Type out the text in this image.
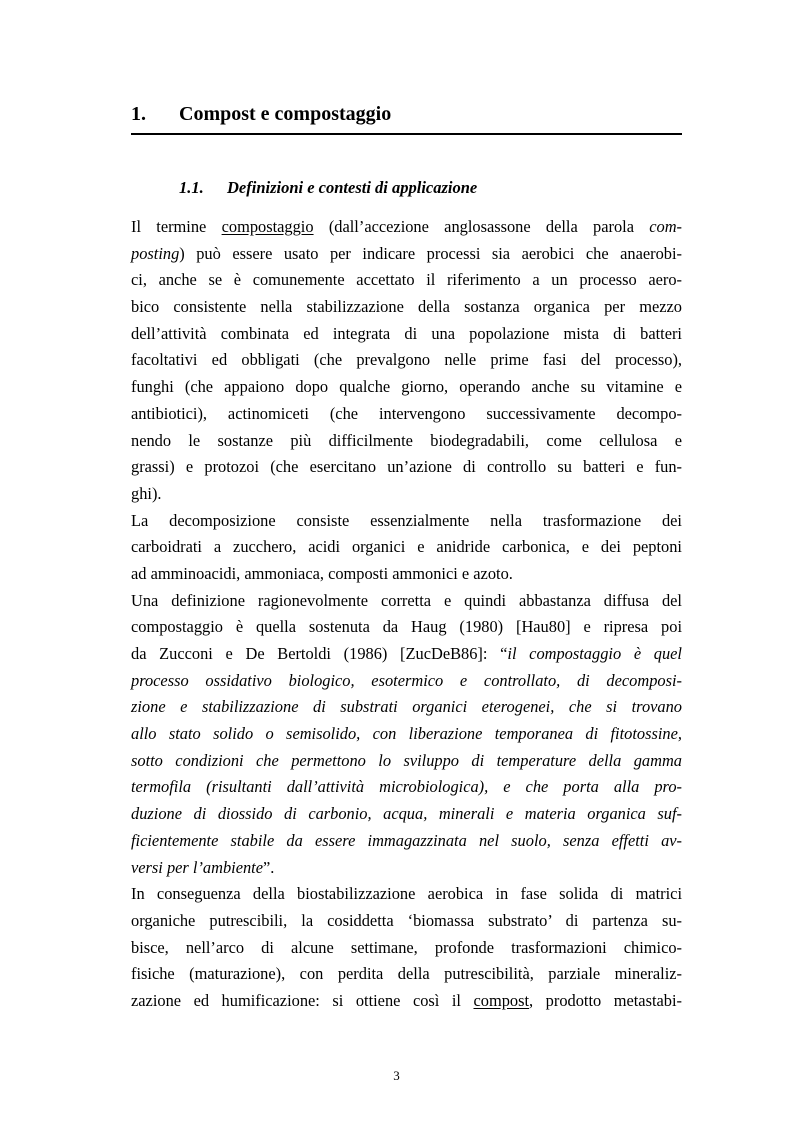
1. Compost e compostaggio
1.1. Definizioni e contesti di applicazione
Il termine compostaggio (dall’accezione anglosassone della parola com-
posting) può essere usato per indicare processi sia aerobici che anaerobi-
ci, anche se è comunemente accettato il riferimento a un processo aero-
bico consistente nella stabilizzazione della sostanza organica per mezzo
dell’attività combinata ed integrata di una popolazione mista di batteri
facoltativi ed obbligati (che prevalgono nelle prime fasi del processo),
funghi (che appaiono dopo qualche giorno, operando anche su vitamine e
antibiotici), actinomiceti (che intervengono successivamente decompo-
nendo le sostanze più difficilmente biodegradabili, come cellulosa e
grassi) e protozoi (che esercitano un’azione di controllo su batteri e fun-
ghi).
La decomposizione consiste essenzialmente nella trasformazione dei
carboidrati a zucchero, acidi organici e anidride carbonica, e dei peptoni
ad amminoacidi, ammoniaca, composti ammonici e azoto.
Una definizione ragionevolmente corretta e quindi abbastanza diffusa del
compostaggio è quella sostenuta da Haug (1980) [Hau80] e ripresa poi
da Zucconi e De Bertoldi (1986) [ZucDeB86]: “il compostaggio è quel
processo ossidativo biologico, esotermico e controllato, di decomposi-
zione e stabilizzazione di substrati organici eterogenei, che si trovano
allo stato solido o semisolido, con liberazione temporanea di fitotossine,
sotto condizioni che permettono lo sviluppo di temperature della gamma
termofila (risultanti dall’attività microbiologica), e che porta alla pro-
duzione di diossido di carbonio, acqua, minerali e materia organica suf-
ficientemente stabile da essere immagazzinata nel suolo, senza effetti av-
versi per l’ambiente”.
In conseguenza della biostabilizzazione aerobica in fase solida di matrici
organiche putrescibili, la cosiddetta ‘biomassa substrato’ di partenza su-
bisce, nell’arco di alcune settimane, profonde trasformazioni chimico-
fisiche (maturazione), con perdita della putrescibilità, parziale mineraliz-
zazione ed humificazione: si ottiene così il compost, prodotto metastabi-
3
